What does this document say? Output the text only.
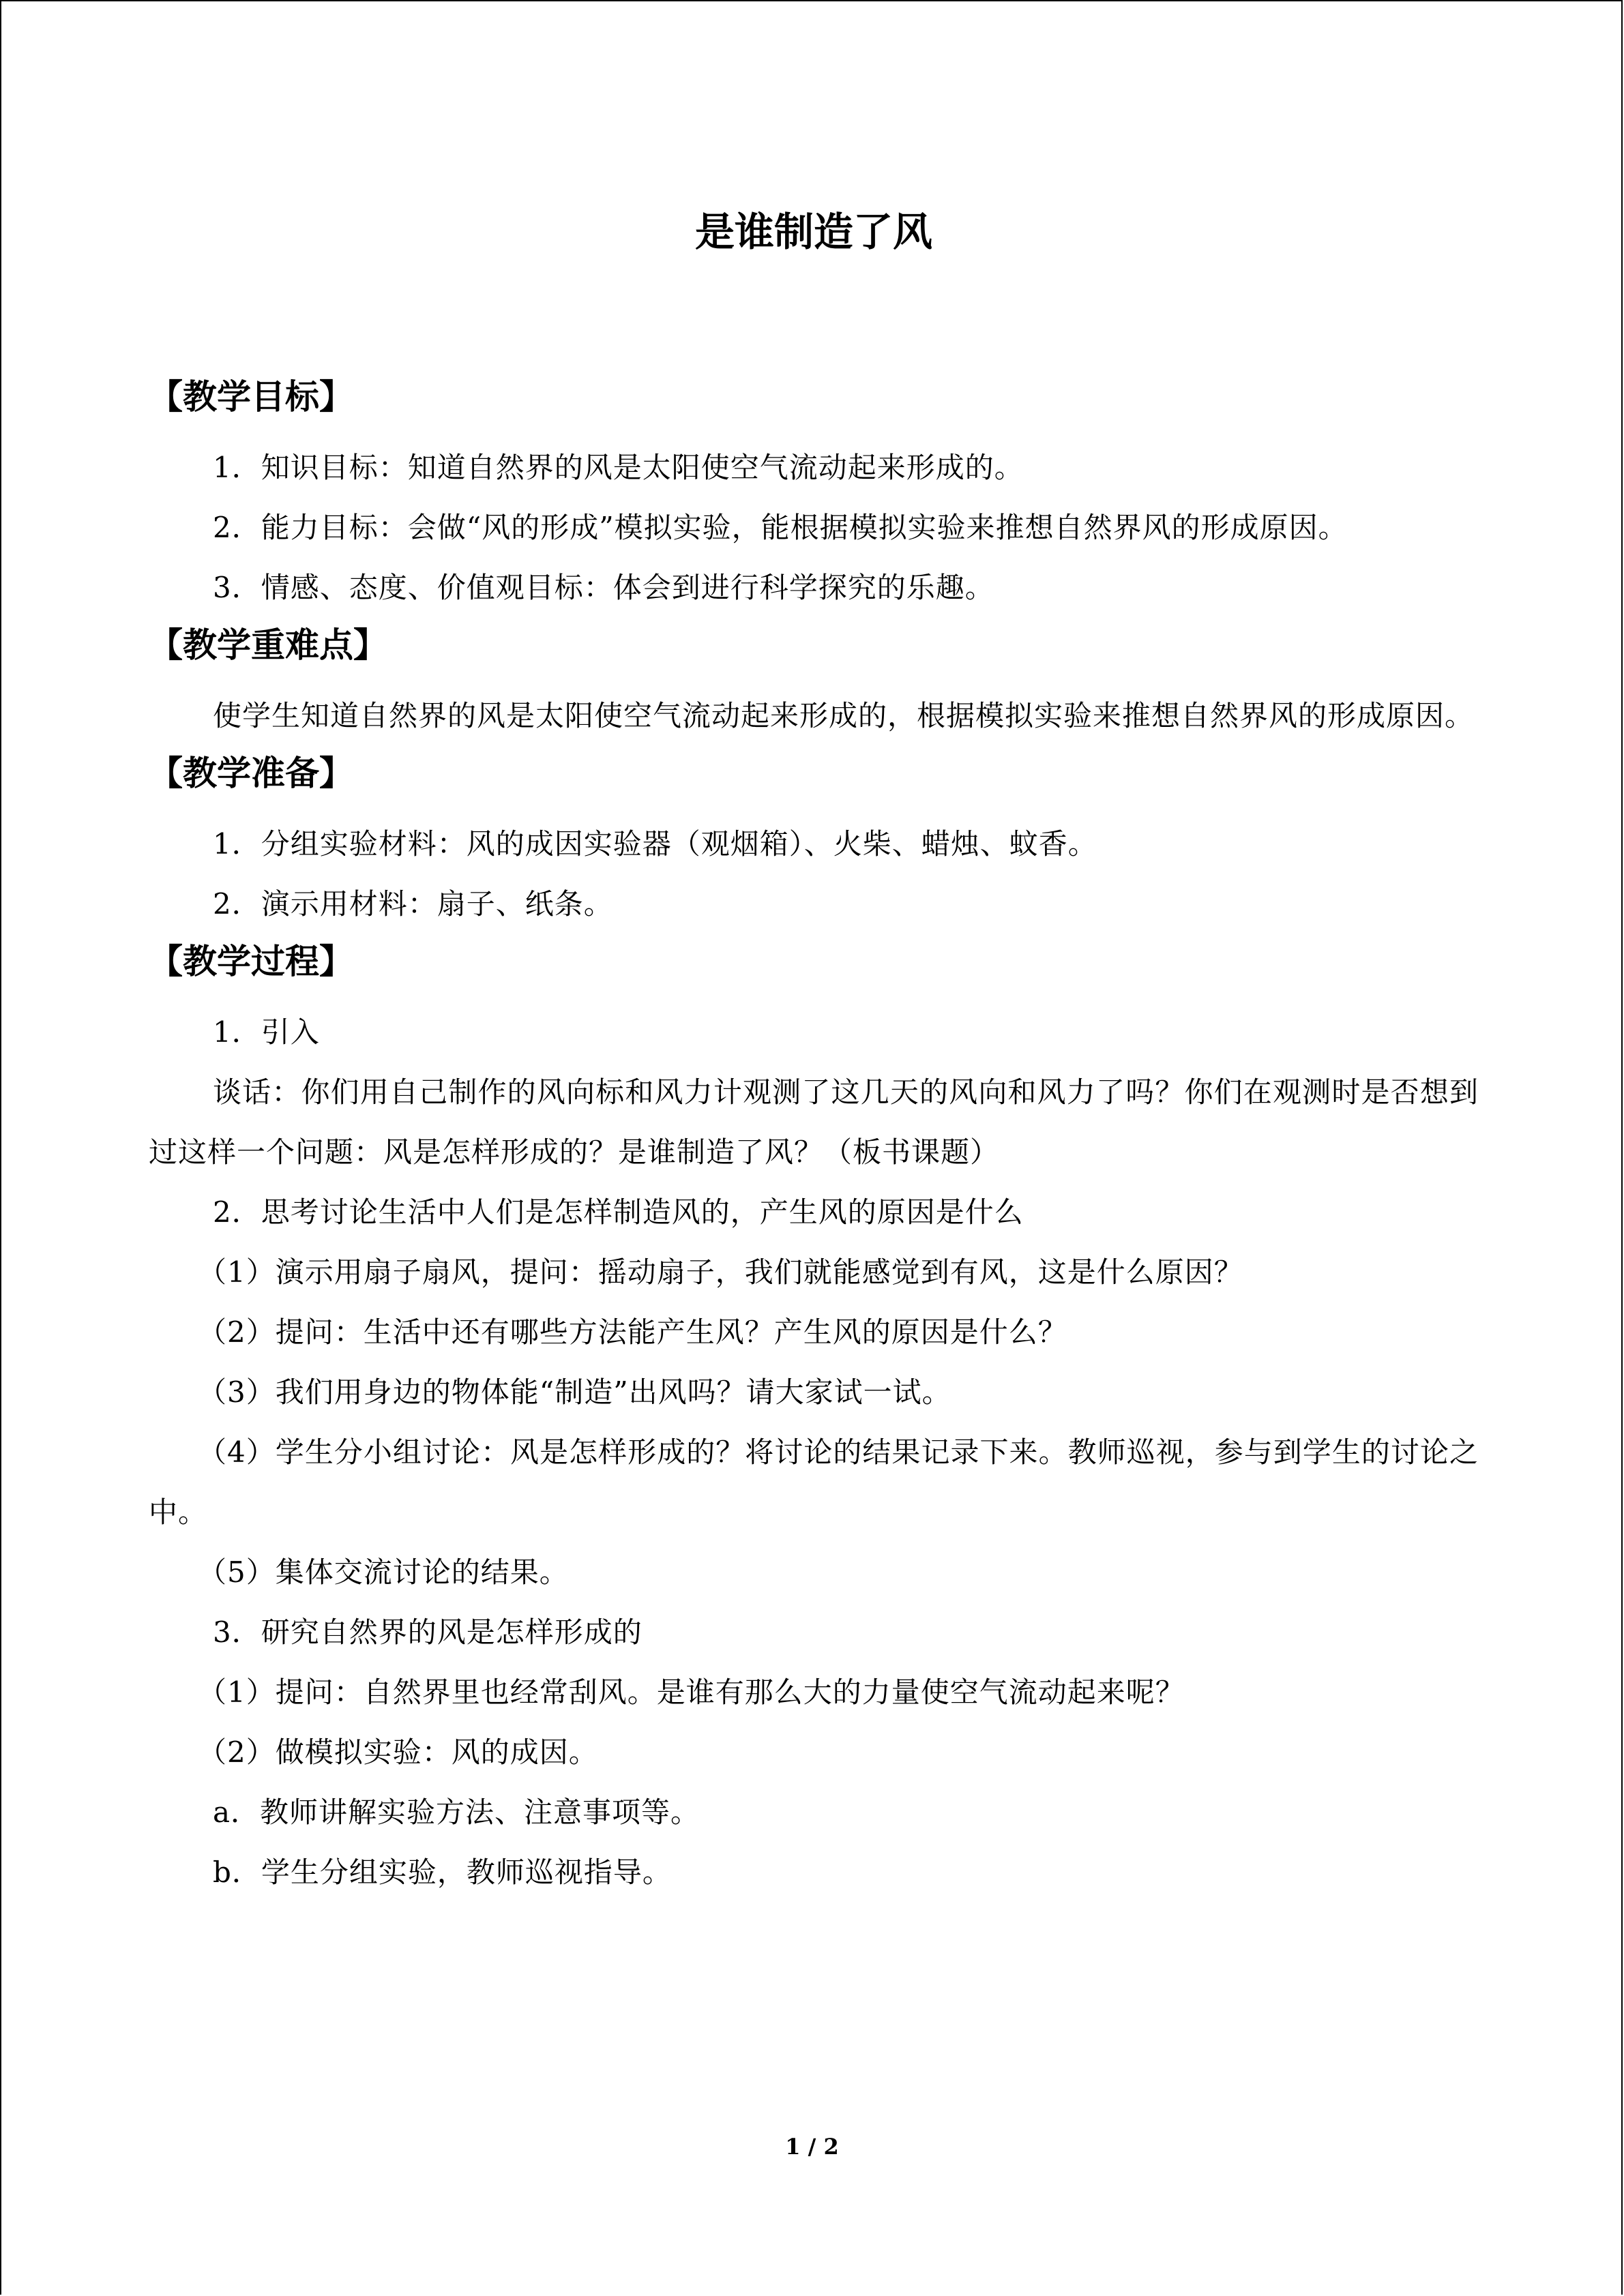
是谁制造了风
【教学目标】

1．知识目标：知道自然界的风是太阳使空气流动起来形成的。

2．能力目标：会做“风的形成”模拟实验，能根据模拟实验来推想自然界风的形成原因。

3．情感、态度、价值观目标：体会到进行科学探究的乐趣。

【教学重难点】

使学生知道自然界的风是太阳使空气流动起来形成的，根据模拟实验来推想自然界风的形成原因。

【教学准备】

1．分组实验材料：风的成因实验器（观烟箱）、火柴、蜡烛、蚊香。

2．演示用材料：扇子、纸条。

【教学过程】

1．引入

谈话：你们用自己制作的风向标和风力计观测了这几天的风向和风力了吗？你们在观测时是否想到过这样一个问题：风是怎样形成的？是谁制造了风？（板书课题）

2．思考讨论生活中人们是怎样制造风的，产生风的原因是什么

（1）演示用扇子扇风，提问：摇动扇子，我们就能感觉到有风，这是什么原因？

（2）提问：生活中还有哪些方法能产生风？产生风的原因是什么？

（3）我们用身边的物体能“制造”出风吗？请大家试一试。

（4）学生分小组讨论：风是怎样形成的？将讨论的结果记录下来。教师巡视，参与到学生的讨论之中。

（5）集体交流讨论的结果。

3．研究自然界的风是怎样形成的

（1）提问：自然界里也经常刮风。是谁有那么大的力量使空气流动起来呢？

（2）做模拟实验：风的成因。

a．教师讲解实验方法、注意事项等。

b．学生分组实验，教师巡视指导。

1 / 2
